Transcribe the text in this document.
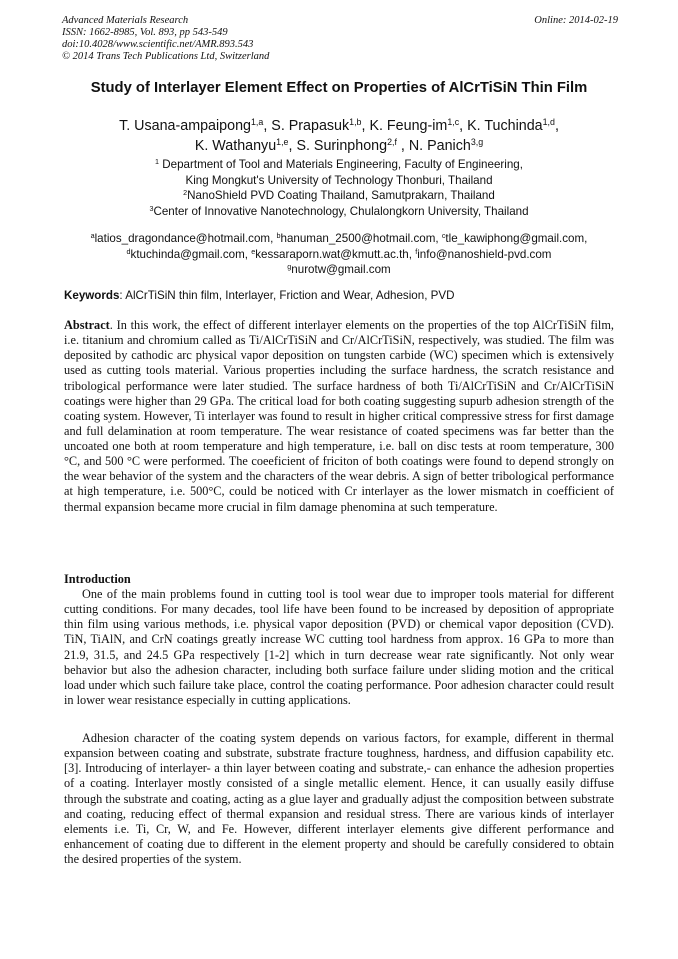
Advanced Materials Research
ISSN: 1662-8985, Vol. 893, pp 543-549
doi:10.4028/www.scientific.net/AMR.893.543
© 2014 Trans Tech Publications Ltd, Switzerland
Online: 2014-02-19
Study of Interlayer Element Effect on Properties of AlCrTiSiN Thin Film
T. Usana-ampaipong$^{1,a}$, S. Prapasuk$^{1,b}$, K. Feung-im$^{1,c}$, K. Tuchinda$^{1,d}$,
K. Wathanyu$^{1,e}$, S. Surinphong$^{2,f}$ , N. Panich$^{3,g}$
$^1$ Department of Tool and Materials Engineering, Faculty of Engineering,
King Mongkut's University of Technology Thonburi, Thailand
$^2$NanoShield PVD Coating Thailand, Samutprakarn, Thailand
$^3$Center of Innovative Nanotechnology, Chulalongkorn University, Thailand
$^a$latios_dragondance@hotmail.com, $^b$hanuman_2500@hotmail.com, $^c$tle_kawiphong@gmail.com,
$^d$ktuchinda@gmail.com, $^e$kessaraporn.wat@kmutt.ac.th, $^f$info@nanoshield-pvd.com
$^g$nurotw@gmail.com
Keywords: AlCrTiSiN thin film, Interlayer, Friction and Wear, Adhesion, PVD
Abstract. In this work, the effect of different interlayer elements on the properties of the top AlCrTiSiN film, i.e. titanium and chromium called as Ti/AlCrTiSiN and Cr/AlCrTiSiN, respectively, was studied. The film was deposited by cathodic arc physical vapor deposition on tungsten carbide (WC) specimen which is extensively used as cutting tools material. Various properties including the surface hardness, the scratch resistance and tribological performance were later studied. The surface hardness of both Ti/AlCrTiSiN and Cr/AlCrTiSiN coatings were higher than 29 GPa. The critical load for both coating suggesting supurb adhesion strength of the coating system. However, Ti interlayer was found to result in higher critical compressive stress for first damage and full delamination at room temperature. The wear resistance of coated specimens was far better than the uncoated one both at room temperature and high temperature, i.e. ball on disc tests at room temperature, 300 °C, and 500 °C were performed. The coeeficient of friciton of both coatings were found to depend strongly on the wear behavior of the system and the characters of the wear debris. A sign of better tribological performance at high temperature, i.e. 500°C, could be noticed with Cr interlayer as the lower mismatch in coefficient of thermal expansion became more crucial in film damage phenomina at such temperature.
Introduction

One of the main problems found in cutting tool is tool wear due to improper tools material for different cutting conditions. For many decades, tool life have been found to be increased by deposition of appropriate thin film using various methods, i.e. physical vapor deposition (PVD) or chemical vapor deposition (CVD). TiN, TiAlN, and CrN coatings greatly increase WC cutting tool hardness from approx. 16 GPa to more than 21.9, 31.5, and 24.5 GPa respectively [1-2] which in turn decrease wear rate significantly. Not only wear behavior but also the adhesion character, including both surface failure under sliding motion and the critical load under which such failure take place, control the coating performance. Poor adhesion character could result in lower wear resistance especially in cutting applications.

Adhesion character of the coating system depends on various factors, for example, different in thermal expansion between coating and substrate, substrate fracture toughness, hardness, and diffusion capability etc.[3]. Introducing of interlayer- a thin layer between coating and substrate,- can enhance the adhesion properties of a coating. Interlayer mostly consisted of a single metallic element. Hence, it can usually easily diffuse through the substrate and coating, acting as a glue layer and gradually adjust the composition between substrate and coating, reducing effect of thermal expansion and residual stress. There are various kinds of interlayer elements i.e. Ti, Cr, W, and Fe. However, different interlayer elements give different performance and enhancement of coating due to different in the element property and should be carefully considered to obtain the desired properties of the system.
